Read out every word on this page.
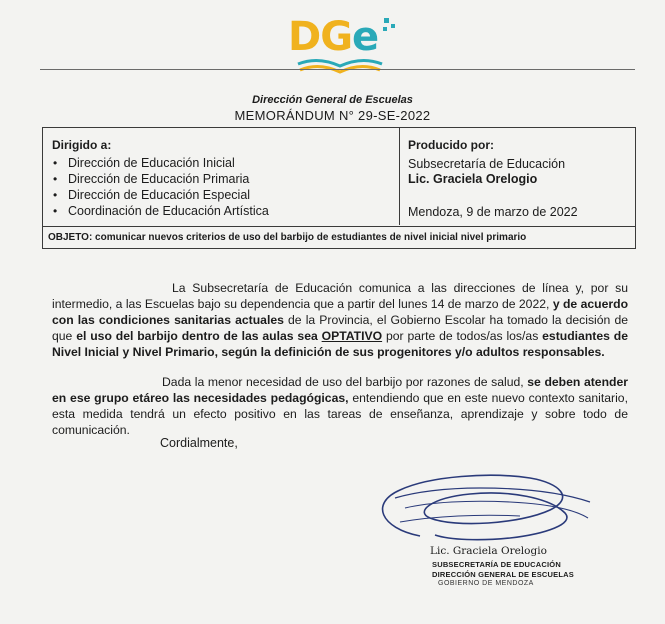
DGe
Dirección General de Escuelas
MEMORÁNDUM N° 29-SE-2022
Dirigido a:
• Dirección de Educación Inicial
• Dirección de Educación Primaria
• Dirección de Educación Especial
• Coordinación de Educación Artística
Producido por:
Subsecretaría de Educación
Lic. Graciela Orelogio
Mendoza, 9 de marzo de 2022
OBJETO: comunicar nuevos criterios de uso del barbijo de estudiantes de nivel inicial nivel primario
La Subsecretaría de Educación comunica a las direcciones de línea y, por su intermedio, a las Escuelas bajo su dependencia que a partir del lunes 14 de marzo de 2022, y de acuerdo con las condiciones sanitarias actuales de la Provincia, el Gobierno Escolar ha tomado la decisión de que el uso del barbijo dentro de las aulas sea OPTATIVO por parte de todos/as los/as estudiantes de Nivel Inicial y Nivel Primario, según la definición de sus progenitores y/o adultos responsables.
Dada la menor necesidad de uso del barbijo por razones de salud, se deben atender en ese grupo etáreo las necesidades pedagógicas, entendiendo que en este nuevo contexto sanitario, esta medida tendrá un efecto positivo en las tareas de enseñanza, aprendizaje y sobre todo de comunicación.
Cordialmente,
Lic. Graciela Orelogio
SUBSECRETARÍA DE EDUCACIÓN
DIRECCIÓN GENERAL DE ESCUELAS
GOBIERNO DE MENDOZA
